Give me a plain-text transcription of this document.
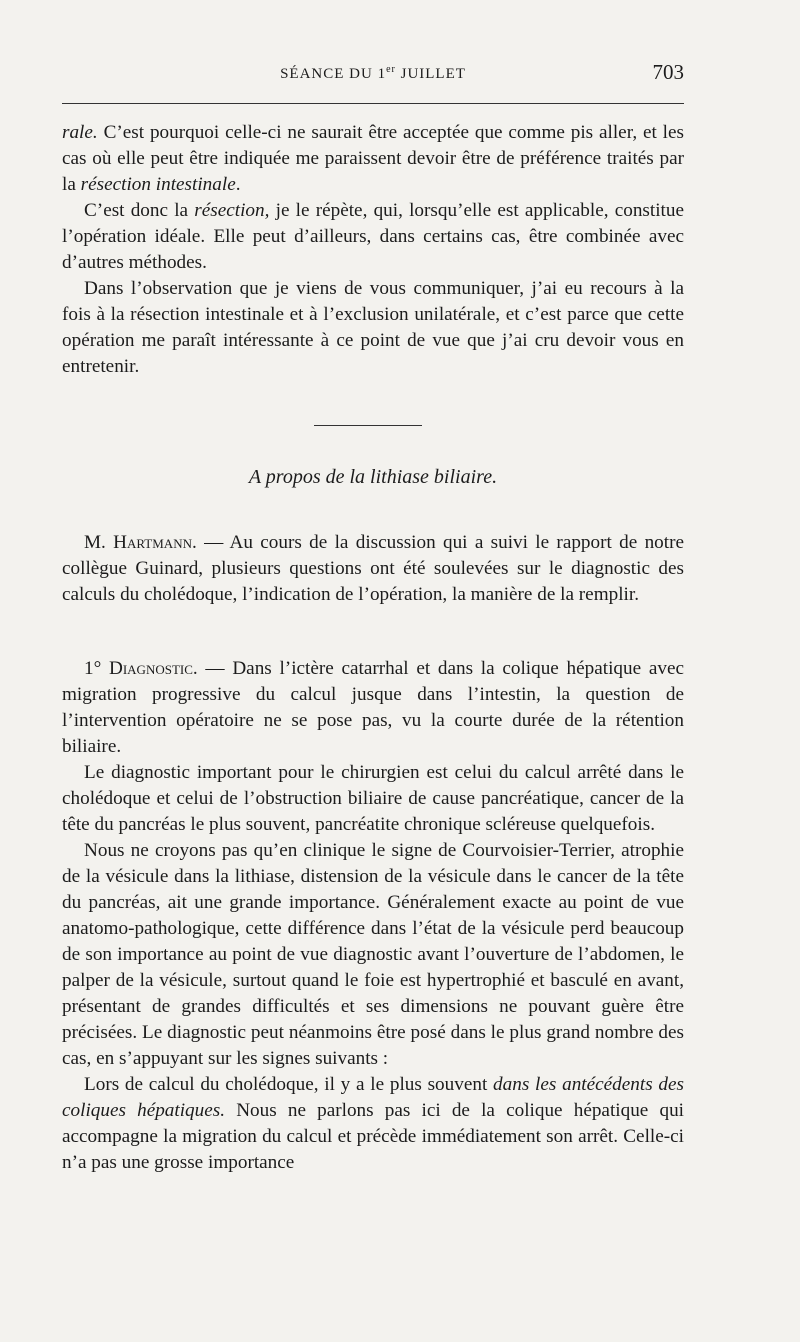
SÉANCE DU 1er JUILLET	703

rale. C’est pourquoi celle-ci ne saurait être acceptée que comme pis aller, et les cas où elle peut être indiquée me paraissent devoir être de préférence traités par la résection intestinale.

C’est donc la résection, je le répète, qui, lorsqu’elle est applicable, constitue l’opération idéale. Elle peut d’ailleurs, dans certains cas, être combinée avec d’autres méthodes.

Dans l’observation que je viens de vous communiquer, j’ai eu recours à la fois à la résection intestinale et à l’exclusion unilatérale, et c’est parce que cette opération me paraît intéressante à ce point de vue que j’ai cru devoir vous en entretenir.

A propos de la lithiase biliaire.

M. Hartmann. — Au cours de la discussion qui a suivi le rapport de notre collègue Guinard, plusieurs questions ont été soulevées sur le diagnostic des calculs du cholédoque, l’indication de l’opération, la manière de la remplir.

1° Diagnostic. — Dans l’ictère catarrhal et dans la colique hépatique avec migration progressive du calcul jusque dans l’intestin, la question de l’intervention opératoire ne se pose pas, vu la courte durée de la rétention biliaire.

Le diagnostic important pour le chirurgien est celui du calcul arrêté dans le cholédoque et celui de l’obstruction biliaire de cause pancréatique, cancer de la tête du pancréas le plus souvent, pancréatite chronique scléreuse quelquefois.

Nous ne croyons pas qu’en clinique le signe de Courvoisier-Terrier, atrophie de la vésicule dans la lithiase, distension de la vésicule dans le cancer de la tête du pancréas, ait une grande importance. Généralement exacte au point de vue anatomo-pathologique, cette différence dans l’état de la vésicule perd beaucoup de son importance au point de vue diagnostic avant l’ouverture de l’abdomen, le palper de la vésicule, surtout quand le foie est hypertrophié et basculé en avant, présentant de grandes difficultés et ses dimensions ne pouvant guère être précisées. Le diagnostic peut néanmoins être posé dans le plus grand nombre des cas, en s’appuyant sur les signes suivants :

Lors de calcul du cholédoque, il y a le plus souvent dans les antécédents des coliques hépatiques. Nous ne parlons pas ici de la colique hépatique qui accompagne la migration du calcul et précède immédiatement son arrêt. Celle-ci n’a pas une grosse importance
